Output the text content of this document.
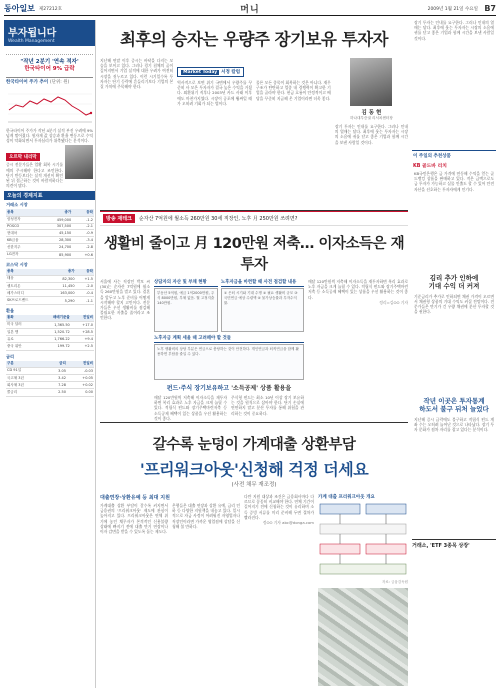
동아일보 제27212호	머니	2009년 1월 21일 수요일 B7
부자됩니다
Wealth Management
"작년 2분기 '연속 적자'
한국타이어 9% 급락
한국타이어 주가 추이 (단위: 원)
한국타이어 주가가 작년 4분기 실적 부진 우려에 9% 넘게 떨어졌다. 원자재 값 상승과 환율 변동으로 수익성이 악화되면서 투자심리가 위축됐다는 분석이다.
오르막 내리막
증시 전문가들은 업황 회복 시기를 예의 주시해야 한다고 조언한다. 단기 반등보다는 실적 개선이 확인된 뒤 접근하는 것이 바람직하다는 의견이 많다.
오늘의 경제지표
거래소 시장
종목	종가	등락
삼성전자	459,000	-1.2
POSCO	307,500	-2.1
현대차	45,150	-0.9
KB금융	28,300	-3.4
신한지주	24,700	-2.8
LG전자	85,900	+0.6
코스닥 시장
종목	종가	등락
태웅	82,300	+1.5
셀트리온	11,450	-2.0
메가스터디	163,000	-0.4
SK브로드밴드	5,290	-1.1
환율
통화	매매기준율	전일비
미국 달러	1,365.50	+17.0
일본 엔	1,520.72	+28.5
유로	1,766.22	+9.4
중국 위안	199.72	+2.5
금리
구분	금리	전일비
CD 91일	3.05	-0.03
국고채 3년	3.42	+0.05
회사채 3년	7.28	+0.02
콜금리	2.50	0.00
최후의 승자는 우량주 장기보유 투자자
지난해 연말 이후 증시는 바닥을 다지는 모습을 보이고 있다. 그러나 경기 침체의 골이 깊어지면서 기업 실적에 대한 우려가 여전히 시장을 짓누르고 있다. 이런 시기일수록 투자자는 단기 등락에 흔들리기보다 기업의 본질 가치에 주목해야 한다.
Market Today 서정 칼럼
역사적으로 보면 위기 국면에서 우량주를 꾸준히 사 모은 투자자가 결국 높은 수익을 거뒀다. 외환위기 직후나 2003년 카드 사태 이후에도 마찬가지였다. 시장이 공포에 휩싸일 때가 오히려 기회가 되는 법이다.
물론 모든 종목이 회복하는 것은 아니다. 재무구조가 탄탄하고 업종 내 경쟁력이 확고한 기업을 골라야 한다. 현금 흐름이 안정적이고 배당을 꾸준히 지급해 온 기업이라면 더욱 좋다.
김 동 현
하나대투증권 리서치센터장
장기 투자는 인내를 요구한다. 그러나 인내의 열매는 달다. 최후에 웃는 투자자는 시장의 소음에 귀를 닫고 좋은 기업과 함께 시간을 보낸 사람일 것이다.
방송 재테크	순자산 7억원에 월소득 260만원 30세 직장인, 노후 月 250만원 쓰려면?
생활비 줄이고 月 120만원 저축… 이자소득은 재투자
서울에 사는 직장인 박모 씨(30)는 순자산 7억원에 월소득 260만원을 벌고 있다. 결혼을 앞두고 노후 준비를 어떻게 시작해야 할지 고민이다. 전문가들은 우선 생활비를 점검해 불필요한 지출을 줄이라고 조언한다.
상담자의 자산 및 부채 현황
부동산 5억원, 예금 1억2000만원, 주식 8000만원, 부채 없음. 월 고정지출 140만원.
노후자금을 마련할 때 사전 점검할 내용
① 은퇴 시기와 기대 수명 ② 필요 생활비 규모 ③ 국민연금 예상 수령액 ④ 물가상승률과 투자수익률.
노후자금 계획 세울 때 고려해야 할 것들
노후 생활비의 상당 부분은 연금으로 충당하는 것이 안전하다. 개인연금과 퇴직연금을 함께 활용하면 부담을 줄일 수 있다.
펀드·주식 장기보유하고 '소득공제' 상품 활용을
매달 120만원씩 저축해 이자소득을 재투자하면 복리 효과로 노후 자금을 크게 늘릴 수 있다. 적립식 펀드와 장기주택마련저축 등 소득공제 혜택이 있는 상품을 우선 활용하는 것이 좋다.
주식형 펀드는 최소 10년 이상 장기 보유하는 것을 원칙으로 삼아야 한다. 단기 손실에 연연하지 말고 분산 투자를 통해 위험을 관리하는 것이 중요하다.
매달 120만원씩 저축해 이자소득을 재투자하면 복리 효과로 노후 자금을 크게 늘릴 수 있다. 적립식 펀드와 장기주택마련저축 등 소득공제 혜택이 있는 상품을 우선 활용하는 것이 좋다.
정리=김OO 기자
갈수록 눈덩이 가계대출 상환부담
'프리워크아웃'신청해 걱정 더세요
(사전 채무 재조정)
대출연장·상환유예 등 최대 지원
가계대출 상환 부담이 갈수록 커지면서 금융권의 '프리워크아웃' 제도에 관심이 높아지고 있다. 프리워크아웃은 연체 위기에 놓인 채무자가 본격적인 신용불량 상태에 빠지기 전에 대출 만기 연장이나 이자 감면을 받을 수 있도록 돕는 제도다.
은행들은 대출 연장과 상환 유예, 금리 인하 등 다양한 지원책을 내놓고 있다. 일시적으로 자금 사정이 어려워진 자영업자나 직장인이라면 가까운 영업점에 상담을 신청해 볼 만하다.
다만 지원 대상과 조건은 금융회사마다 다르므로 꼼꼼히 비교해야 한다. 연체 기간이 길어지기 전에 신청하는 것이 유리하며 소득 증빙 서류를 미리 준비해 두면 절차가 빨라진다.
정OO 기자 abc@donga.com
가계 대출 프리워크아웃 개요
자료: 금융감독원
장기 투자는 인내를 요구한다. 그러나 인내의 열매는 달다. 최후에 웃는 투자자는 시장의 소음에 귀를 닫고 좋은 기업과 함께 시간을 보낸 사람일 것이다.
이 주일의 추천상품
KB 골드바 리치
KB국민은행은 금 가격에 연동해 수익을 얻는 골드뱅킹 상품을 판매하고 있다. 적은 금액으로도 금 투자가 가능하고 실물 인출도 할 수 있어 안전자산을 선호하는 투자자에게 인기다.
김리 추가 인하에
기대 수익 더 커져
기준금리가 추가로 인하되면 채권 가격이 오르면서 채권형 상품의 기대 수익도 커질 전망이다. 전문가들은 만기가 긴 우량 채권에 분산 투자할 것을 권한다.
작년 이곳은 투자통계
하도서 불구 뒤처 늘었다
지난해 증시 급락에도 불구하고 적립식 펀드 계좌 수는 오히려 늘어난 것으로 나타났다. 장기 투자 문화가 점차 자리를 잡고 있다는 분석이다.
거래소, 'ETF 3종목 상장'
